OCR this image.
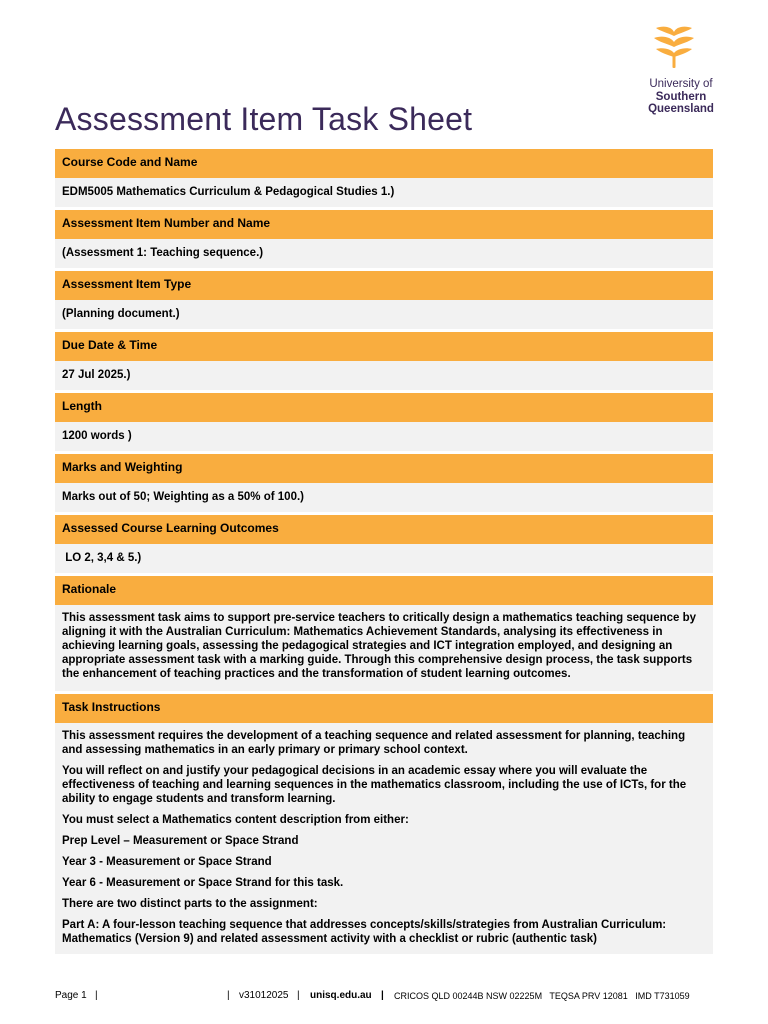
Assessment Item Task Sheet
University of
Southern
Queensland
Course Code and Name
EDM5005 Mathematics Curriculum & Pedagogical Studies 1.)
Assessment Item Number and Name
(Assessment 1: Teaching sequence.)
Assessment Item Type
(Planning document.)
Due Date & Time
27 Jul 2025.)
Length
1200 words )
Marks and Weighting
Marks out of 50; Weighting as a 50% of 100.)
Assessed Course Learning Outcomes
LO 2, 3,4 & 5.)
Rationale

This assessment task aims to support pre-service teachers to critically design a mathematics teaching sequence by aligning it with the Australian Curriculum: Mathematics Achievement Standards, analysing its effectiveness in achieving learning goals, assessing the pedagogical strategies and ICT integration employed, and designing an appropriate assessment task with a marking guide. Through this comprehensive design process, the task supports the enhancement of teaching practices and the transformation of student learning outcomes.

Task Instructions

This assessment requires the development of a teaching sequence and related assessment for planning, teaching and assessing mathematics in an early primary or primary school context.

You will reflect on and justify your pedagogical decisions in an academic essay where you will evaluate the effectiveness of teaching and learning sequences in the mathematics classroom, including the use of ICTs, for the ability to engage students and transform learning.

You must select a Mathematics content description from either:

Prep Level – Measurement or Space Strand

Year 3 - Measurement or Space Strand

Year 6 - Measurement or Space Strand for this task.

There are two distinct parts to the assignment:

Part A: A four-lesson teaching sequence that addresses concepts/skills/strategies from Australian Curriculum: Mathematics (Version 9) and related assessment activity with a checklist or rubric (authentic task)

Page 1 |	| v31012025 | unisq.edu.au | CRICOS QLD 00244B NSW 02225M   TEQSA PRV 12081   IMD T731059
